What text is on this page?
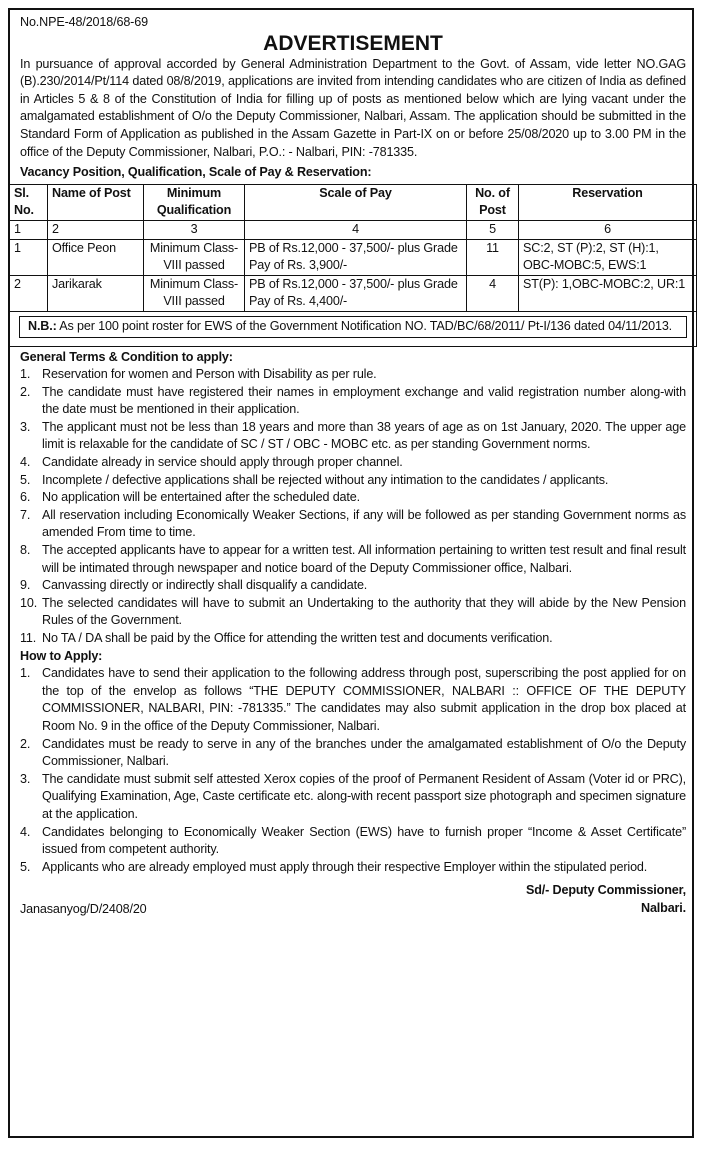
No.NPE-48/2018/68-69
ADVERTISEMENT

In pursuance of approval accorded by General Administration Department to the Govt. of Assam, vide letter NO.GAG (B).230/2014/Pt/114 dated 08/8/2019, applications are invited from intending candidates who are citizen of India as defined in Articles 5 & 8 of the Constitution of India for filling up of posts as mentioned below which are lying vacant under the amalgamated establishment of O/o the Deputy Commissioner, Nalbari, Assam. The application should be submitted in the Standard Form of Application as published in the Assam Gazette in Part-IX on or before 25/08/2020 up to 3.00 PM in the office of the Deputy Commissioner, Nalbari, P.O.: - Nalbari, PIN: -781335.

Vacancy Position, Qualification, Scale of Pay & Reservation:
Sl. No.	Name of Post	Minimum Qualification	Scale of Pay	No. of Post	Reservation
1	2	3	4	5	6
1	Office Peon	Minimum Class-VIII passed	PB of Rs.12,000 - 37,500/- plus Grade Pay of Rs. 3,900/-	11	SC:2, ST (P):2, ST (H):1, OBC-MOBC:5, EWS:1
2	Jarikarak	Minimum Class-VIII passed	PB of Rs.12,000 - 37,500/- plus Grade Pay of Rs. 4,400/-	4	ST(P): 1,OBC-MOBC:2, UR:1
N.B.: As per 100 point roster for EWS of the Government Notification NO. TAD/BC/68/2011/ Pt-I/136 dated 04/11/2013.
General Terms & Condition to apply:
1. Reservation for women and Person with Disability as per rule.
2. The candidate must have registered their names in employment exchange and valid registration number along-with the date must be mentioned in their application.
3. The applicant must not be less than 18 years and more than 38 years of age as on 1st January, 2020. The upper age limit is relaxable for the candidate of SC / ST / OBC - MOBC etc. as per standing Government norms.
4. Candidate already in service should apply through proper channel.
5. Incomplete / defective applications shall be rejected without any intimation to the candidates / applicants.
6. No application will be entertained after the scheduled date.
7. All reservation including Economically Weaker Sections, if any will be followed as per standing Government norms as amended From time to time.
8. The accepted applicants have to appear for a written test. All information pertaining to written test result and final result will be intimated through newspaper and notice board of the Deputy Commissioner office, Nalbari.
9. Canvassing directly or indirectly shall disqualify a candidate.
10. The selected candidates will have to submit an Undertaking to the authority that they will abide by the New Pension Rules of the Government.
11. No TA / DA shall be paid by the Office for attending the written test and documents verification.
How to Apply:
1. Candidates have to send their application to the following address through post, superscribing the post applied for on the top of the envelop as follows “THE DEPUTY COMMISSIONER, NALBARI :: OFFICE OF THE DEPUTY COMMISSIONER, NALBARI, PIN: -781335.” The candidates may also submit application in the drop box placed at Room No. 9 in the office of the Deputy Commissioner, Nalbari.
2. Candidates must be ready to serve in any of the branches under the amalgamated establishment of O/o the Deputy Commissioner, Nalbari.
3. The candidate must submit self attested Xerox copies of the proof of Permanent Resident of Assam (Voter id or PRC), Qualifying Examination, Age, Caste certificate etc. along-with recent passport size photograph and specimen signature at the application.
4. Candidates belonging to Economically Weaker Section (EWS) have to furnish proper “Income & Asset Certificate” issued from competent authority.
5. Applicants who are already employed must apply through their respective Employer within the stipulated period.
Janasanyog/D/2408/20
Sd/- Deputy Commissioner,
Nalbari.
